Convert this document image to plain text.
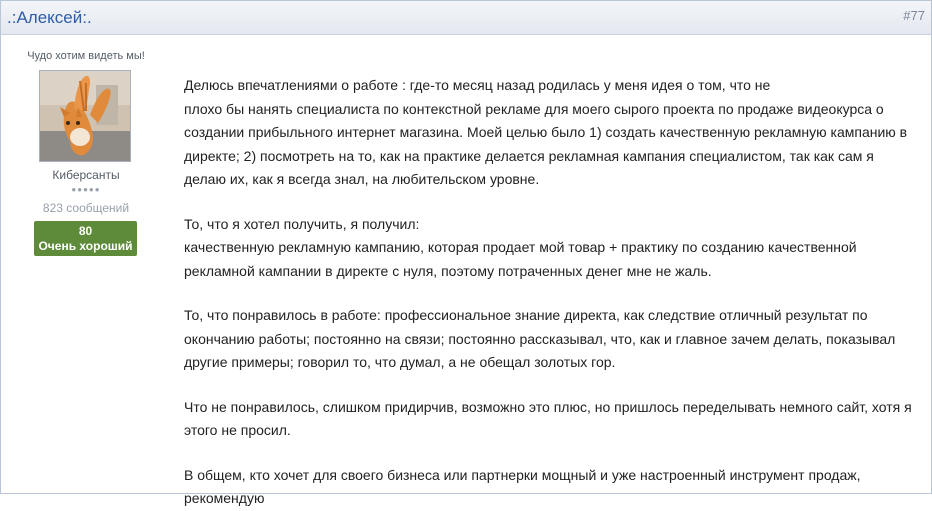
.:Алексей:.	#77
Чудо хотим видеть мы!
Киберсанты
●●●●●
823 сообщений
80
Очень хороший
Делюсь впечатлениями о работе : где-то месяц назад родилась у меня идея о том, что не
плохо бы нанять специалиста по контекстной рекламе для моего сырого проекта по продаже видеокурса о
создании прибыльного интернет магазина. Моей целью было 1) создать качественную рекламную кампанию в
директе; 2) посмотреть на то, как на практике делается рекламная кампания специалистом, так как сам я
делаю их, как я всегда знал, на любительском уровне.
То, что я хотел получить, я получил:
качественную рекламную кампанию, которая продает мой товар + практику по созданию качественной
рекламной кампании в директе с нуля, поэтому потраченных денег мне не жаль.
То, что понравилось в работе: профессиональное знание директа, как следствие отличный результат по
окончанию работы; постоянно на связи; постоянно рассказывал, что, как и главное зачем делать, показывал
другие примеры; говорил то, что думал, а не обещал золотых гор.
Что не понравилось, слишком придирчив, возможно это плюс, но пришлось переделывать немного сайт, хотя я
этого не просил.
В общем, кто хочет для своего бизнеса или партнерки мощный и уже настроенный инструмент продаж,
рекомендую
